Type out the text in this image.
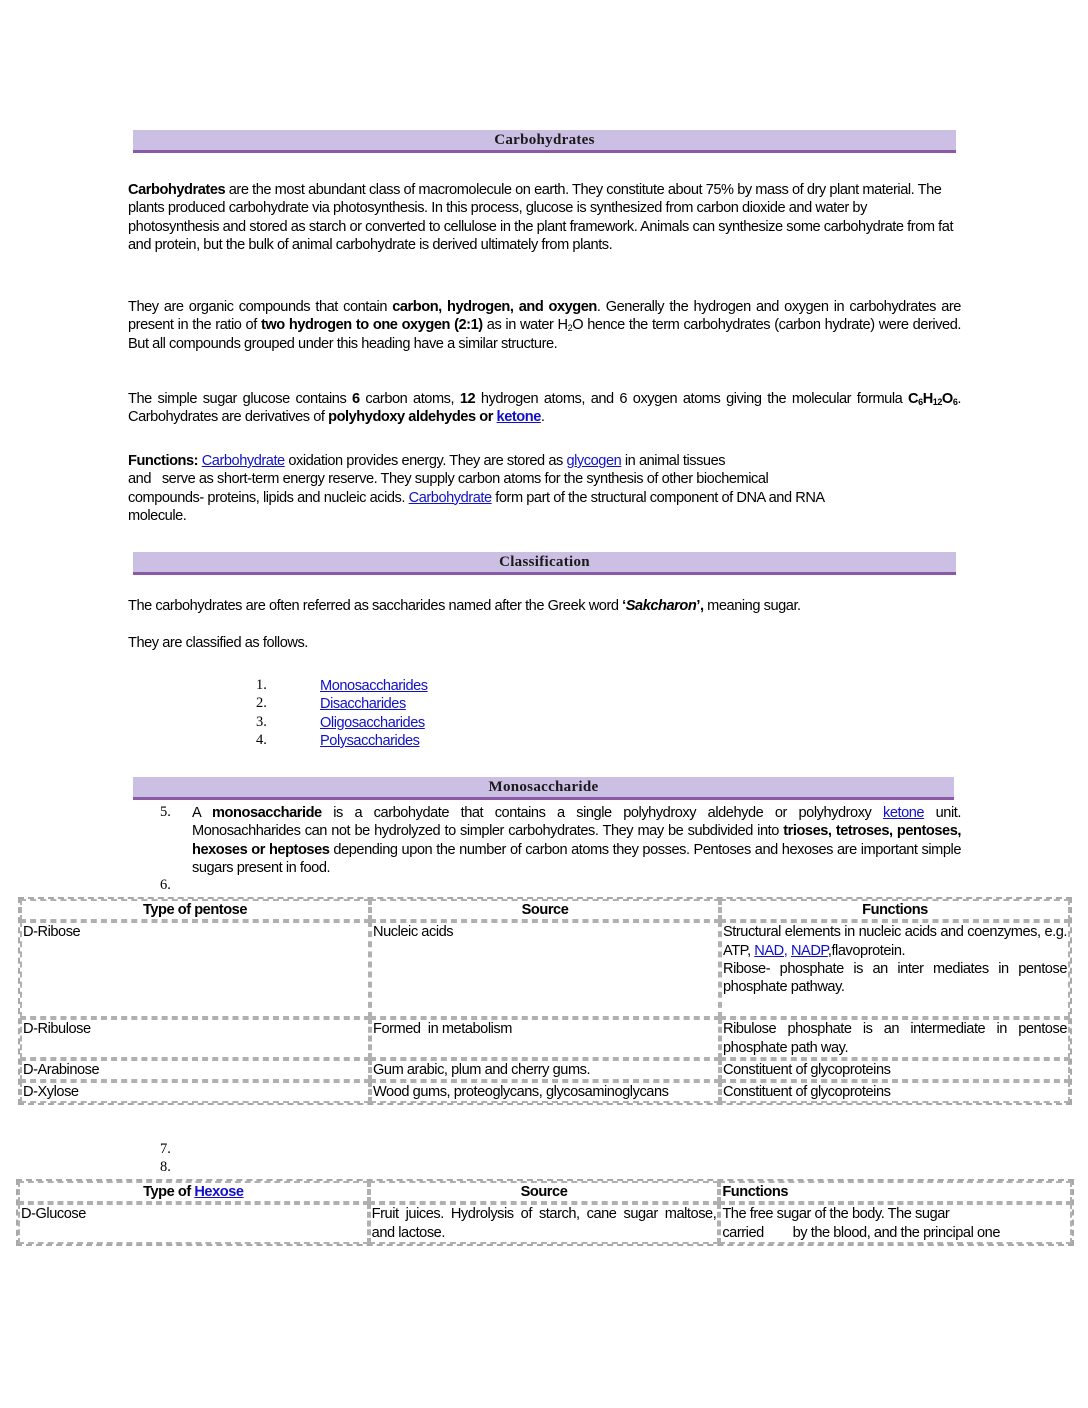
Carbohydrates
Carbohydrates are the most abundant class of macromolecule on earth. They constitute about 75% by mass of dry plant material. The plants produced carbohydrate via photosynthesis. In this process, glucose is synthesized from carbon dioxide and water by photosynthesis and stored as starch or converted to cellulose in the plant framework. Animals can synthesize some carbohydrate from fat and protein, but the bulk of animal carbohydrate is derived ultimately from plants.
They are organic compounds that contain carbon, hydrogen, and oxygen. Generally the hydrogen and oxygen in carbohydrates are present in the ratio of two hydrogen to one oxygen (2:1) as in water $H_2O$ hence the term carbohydrates (carbon hydrate) were derived. But all compounds grouped under this heading have a similar structure.
The simple sugar glucose contains 6 carbon atoms, 12 hydrogen atoms, and 6 oxygen atoms giving the molecular formula $C_6H_{12}O_6$. Carbohydrates are derivatives of polyhydoxy aldehydes or ketone.
Functions: Carbohydrate oxidation provides energy. They are stored as glycogen in animal tissues
and   serve as short-term energy reserve. They supply carbon atoms for the synthesis of other biochemical
compounds- proteins, lipids and nucleic acids. Carbohydrate form part of the structural component of DNA and RNA
molecule.
Classification
The carbohydrates are often referred as saccharides named after the Greek word ‘Sakcharon’, meaning sugar.
They are classified as follows.
1.	Monosaccharides
2.	Disaccharides
3.	Oligosaccharides
4.	Polysaccharides
Monosaccharide
5. A monosaccharide is a carbohydate that contains a single polyhydroxy aldehyde or polyhydroxy ketone unit. Monosachharides can not be hydrolyzed to simpler carbohydrates. They may be subdivided into trioses, tetroses, pentoses, hexoses or heptoses depending upon the number of carbon atoms they posses. Pentoses and hexoses are important simple sugars present in food.
6.
Type of pentose	Source	Functions
D-Ribose	Nucleic acids	Structural elements in nucleic acids and coenzymes, e.g. ATP, NAD, NADP,flavoprotein.
Ribose- phosphate is an inter mediates in pentose phosphate pathway.
D-Ribulose	Formed  in metabolism	Ribulose phosphate is an intermediate in pentose phosphate path way.
D-Arabinose	Gum arabic, plum and cherry gums.	Constituent of glycoproteins
D-Xylose	Wood gums, proteoglycans, glycosaminoglycans	Constituent of glycoproteins
7.
8.
Type of Hexose	Source	Functions
D-Glucose	Fruit juices. Hydrolysis of starch, cane sugar maltose, and lactose.	The free sugar of the body. The sugar
carried        by the blood, and the principal one
